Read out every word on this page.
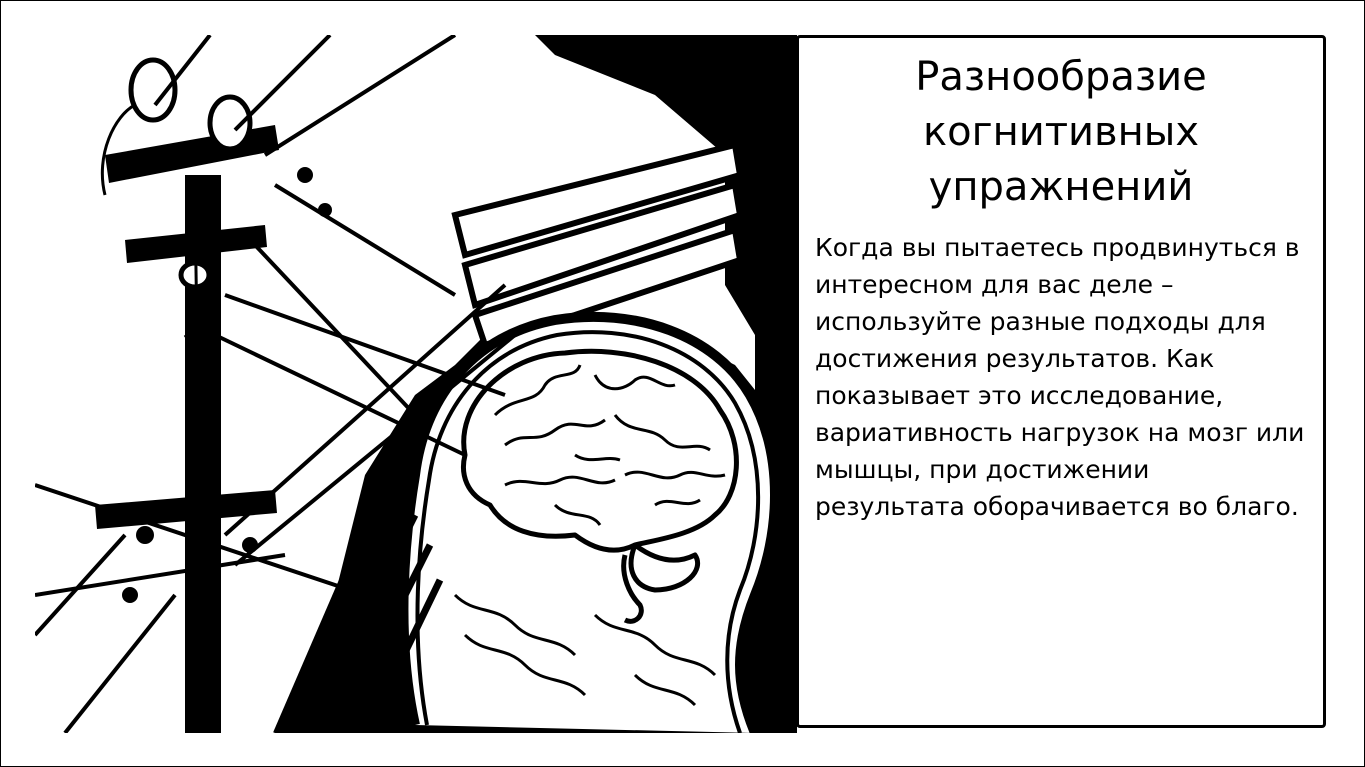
Разнообразие когнитивных упражнений

Когда вы пытаетесь продвинуться в интересном для вас деле – используйте разные подходы для достижения результатов. Как показывает это исследование, вариативность нагрузок на мозг или мышцы, при достижении результата оборачивается во благо.
